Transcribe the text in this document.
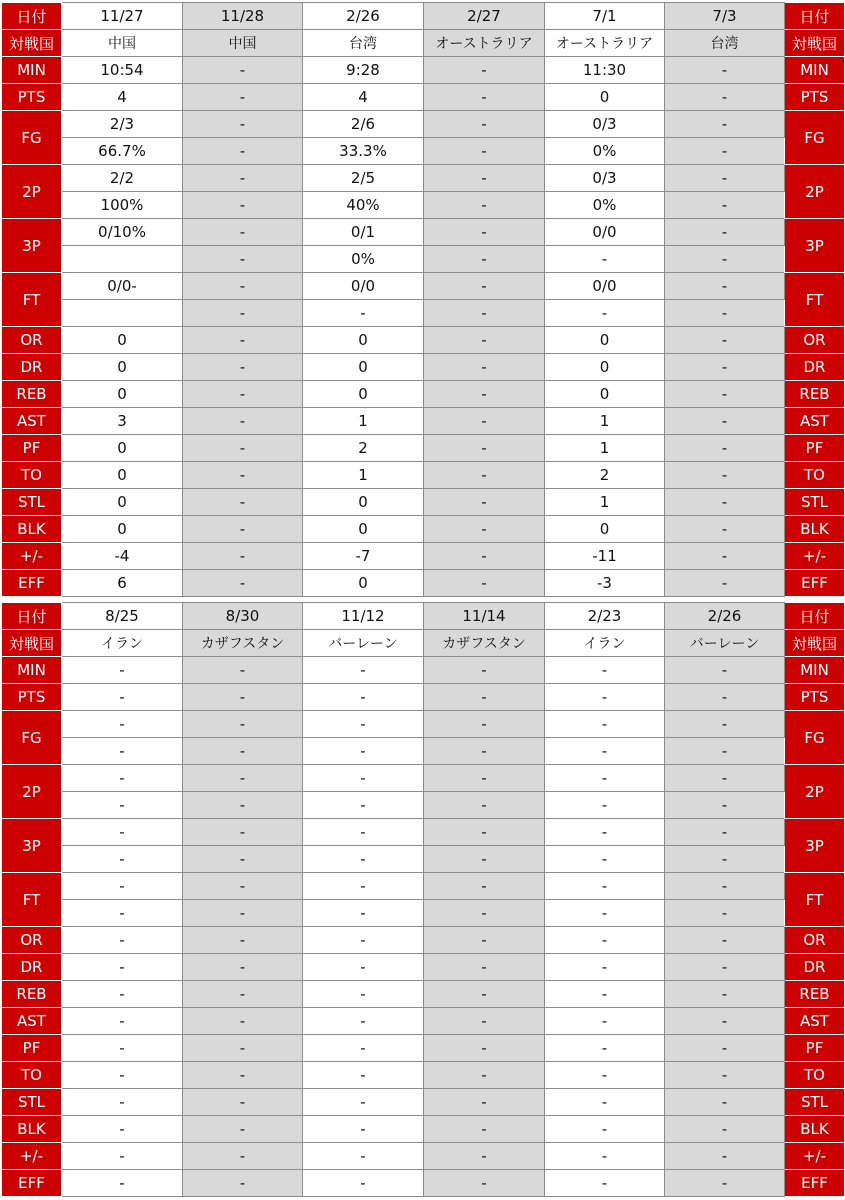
日付	11/27	11/28	2/26	2/27	7/1	7/3	日付
対戦国	中国	中国	台湾	オーストラリア	オーストラリア	台湾	対戦国
MIN	10:54	-	9:28	-	11:30	-	MIN
PTS	4	-	4	-	0	-	PTS
FG	2/3	-	2/6	-	0/3	-	FG
	66.7%	-	33.3%	-	0%	-	
2P	2/2	-	2/5	-	0/3	-	2P
	100%	-	40%	-	0%	-	
3P	0/10%	-	0/1	-	0/0	-	3P
		-	0%	-	-	-	
FT	0/0-	-	0/0	-	0/0	-	FT
		-	-	-	-	-	
OR	0	-	0	-	0	-	OR
DR	0	-	0	-	0	-	DR
REB	0	-	0	-	0	-	REB
AST	3	-	1	-	1	-	AST
PF	0	-	2	-	1	-	PF
TO	0	-	1	-	2	-	TO
STL	0	-	0	-	1	-	STL
BLK	0	-	0	-	0	-	BLK
+/-	-4	-	-7	-	-11	-	+/-
EFF	6	-	0	-	-3	-	EFF
日付	8/25	8/30	11/12	11/14	2/23	2/26	日付
対戦国	イラン	カザフスタン	バーレーン	カザフスタン	イラン	バーレーン	対戦国
MIN	-	-	-	-	-	-	MIN
PTS	-	-	-	-	-	-	PTS
FG	-	-	-	-	-	-	FG
	-	-	-	-	-	-	
2P	-	-	-	-	-	-	2P
	-	-	-	-	-	-	
3P	-	-	-	-	-	-	3P
	-	-	-	-	-	-	
FT	-	-	-	-	-	-	FT
	-	-	-	-	-	-	
OR	-	-	-	-	-	-	OR
DR	-	-	-	-	-	-	DR
REB	-	-	-	-	-	-	REB
AST	-	-	-	-	-	-	AST
PF	-	-	-	-	-	-	PF
TO	-	-	-	-	-	-	TO
STL	-	-	-	-	-	-	STL
BLK	-	-	-	-	-	-	BLK
+/-	-	-	-	-	-	-	+/-
EFF	-	-	-	-	-	-	EFF
